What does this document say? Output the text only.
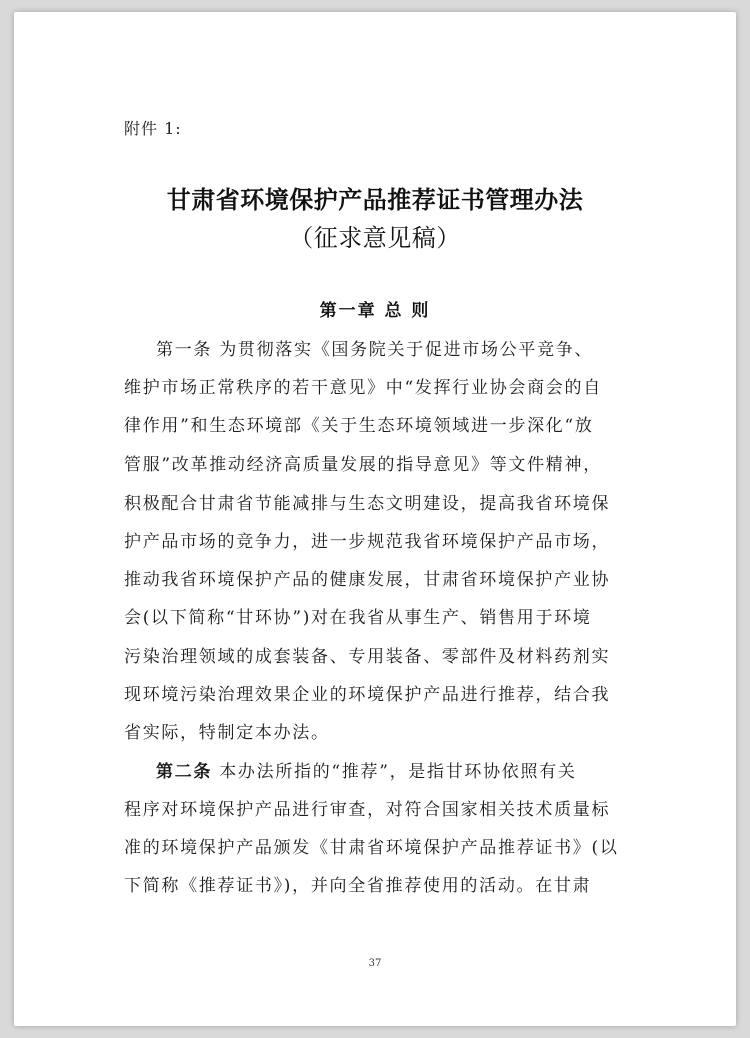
附件 1:
甘肃省环境保护产品推荐证书管理办法
（征求意见稿）
第一章 总 则
第一条 为贯彻落实《国务院关于促进市场公平竞争、
维护市场正常秩序的若干意见》中“发挥行业协会商会的自
律作用”和生态环境部《关于生态环境领域进一步深化“放
管服”改革推动经济高质量发展的指导意见》等文件精神，
积极配合甘肃省节能减排与生态文明建设，提高我省环境保
护产品市场的竞争力，进一步规范我省环境保护产品市场，
推动我省环境保护产品的健康发展，甘肃省环境保护产业协
会(以下简称“甘环协”)对在我省从事生产、销售用于环境
污染治理领域的成套装备、专用装备、零部件及材料药剂实
现环境污染治理效果企业的环境保护产品进行推荐，结合我
省实际，特制定本办法。
第二条 本办法所指的“推荐”，是指甘环协依照有关
程序对环境保护产品进行审查，对符合国家相关技术质量标
准的环境保护产品颁发《甘肃省环境保护产品推荐证书》(以
下简称《推荐证书》)，并向全省推荐使用的活动。在甘肃
37
